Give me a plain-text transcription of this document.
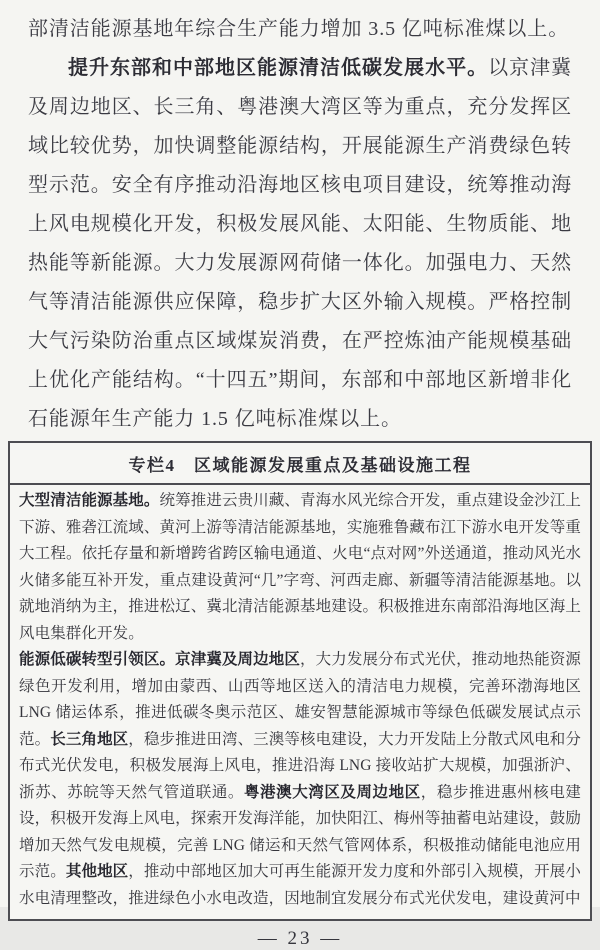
部清洁能源基地年综合生产能力增加 3.5 亿吨标准煤以上。

提升东部和中部地区能源清洁低碳发展水平。以京津冀及周边地区、长三角、粤港澳大湾区等为重点，充分发挥区域比较优势，加快调整能源结构，开展能源生产消费绿色转型示范。安全有序推动沿海地区核电项目建设，统筹推动海上风电规模化开发，积极发展风能、太阳能、生物质能、地热能等新能源。大力发展源网荷储一体化。加强电力、天然气等清洁能源供应保障，稳步扩大区外输入规模。严格控制大气污染防治重点区域煤炭消费，在严控炼油产能规模基础上优化产能结构。“十四五”期间，东部和中部地区新增非化石能源年生产能力 1.5 亿吨标准煤以上。

专栏4　区域能源发展重点及基础设施工程

大型清洁能源基地。统筹推进云贵川藏、青海水风光综合开发，重点建设金沙江上下游、雅砻江流域、黄河上游等清洁能源基地，实施雅鲁藏布江下游水电开发等重大工程。依托存量和新增跨省跨区输电通道、火电“点对网”外送通道，推动风光水火储多能互补开发，重点建设黄河“几”字弯、河西走廊、新疆等清洁能源基地。以就地消纳为主，推进松辽、冀北清洁能源基地建设。积极推进东南部沿海地区海上风电集群化开发。

能源低碳转型引领区。京津冀及周边地区，大力发展分布式光伏，推动地热能资源绿色开发利用，增加由蒙西、山西等地区送入的清洁电力规模，完善环渤海地区LNG 储运体系，推进低碳冬奥示范区、雄安智慧能源城市等绿色低碳发展试点示范。长三角地区，稳步推进田湾、三澳等核电建设，大力开发陆上分散式风电和分布式光伏发电，积极发展海上风电，推进沿海 LNG 接收站扩大规模，加强浙沪、浙苏、苏皖等天然气管道联通。粤港澳大湾区及周边地区，稳步推进惠州核电建设，积极开发海上风电，探索开发海洋能，加快阳江、梅州等抽蓄电站建设，鼓励增加天然气发电规模，完善 LNG 储运和天然气管网体系，积极推动储能电池应用示范。其他地区，推动中部地区加大可再生能源开发力度和外部引入规模，开展小水电清理整改，推进绿色小水电改造，因地制宜发展分布式光伏发电，建设黄河中

— 23 —
